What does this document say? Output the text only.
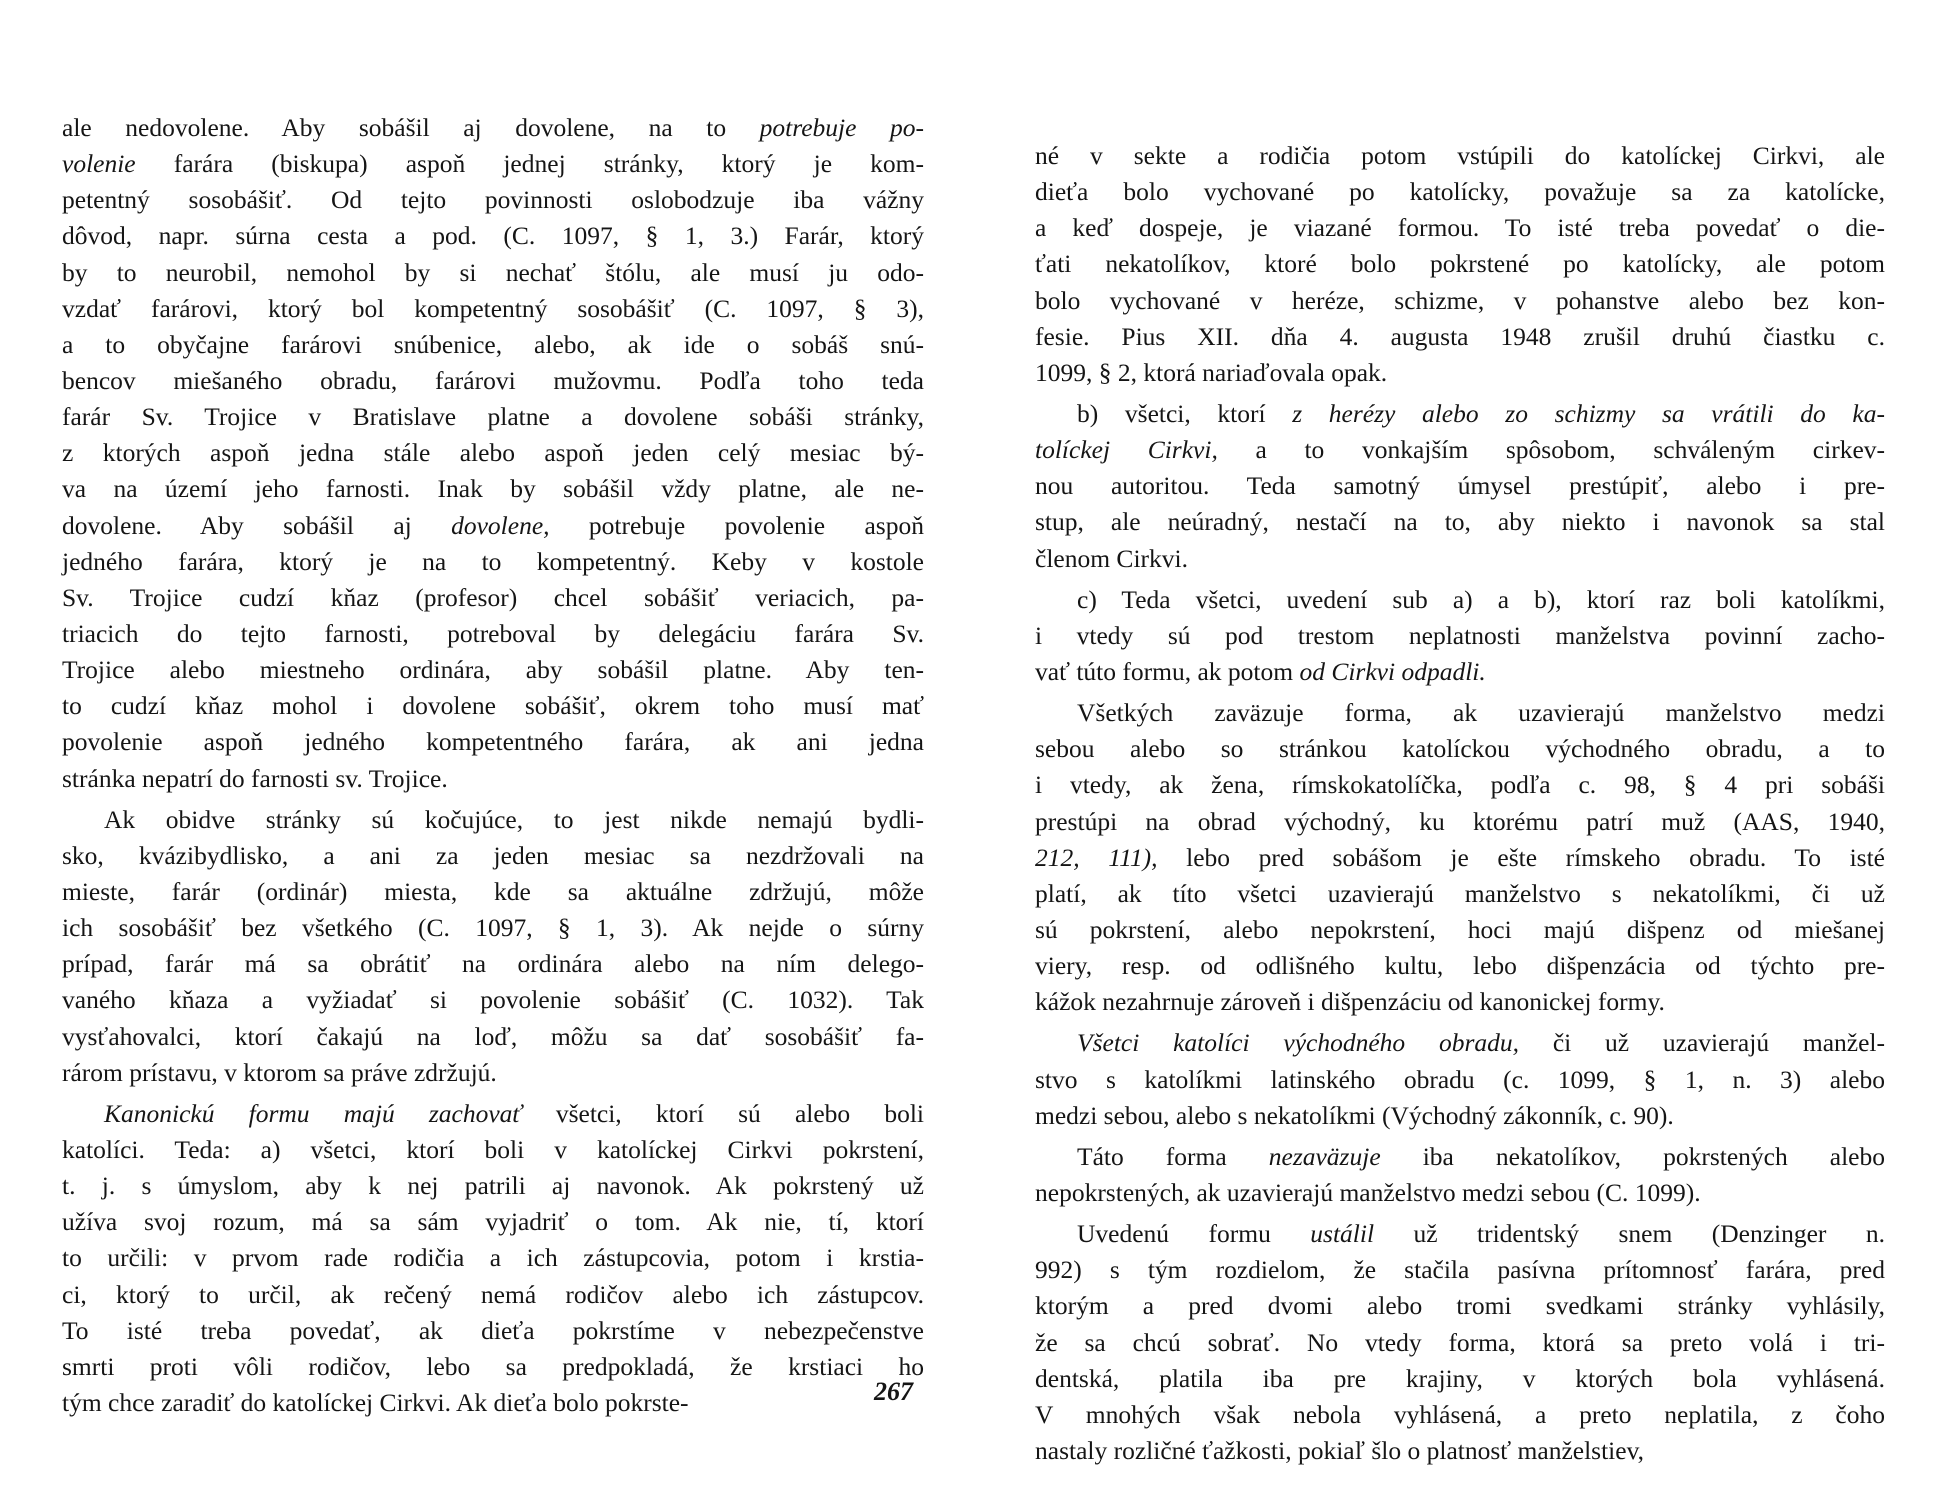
ale nedovolene. Aby sobášil aj dovolene, na to potrebuje po-
volenie farára (biskupa) aspoň jednej stránky, ktorý je kom-
petentný sosobášiť. Od tejto povinnosti oslobodzuje iba vážny
dôvod, napr. súrna cesta a pod. (C. 1097, § 1, 3.) Farár, ktorý
by to neurobil, nemohol by si nechať štólu, ale musí ju odo-
vzdať farárovi, ktorý bol kompetentný sosobášiť (C. 1097, § 3),
a to obyčajne farárovi snúbenice, alebo, ak ide o sobáš snú-
bencov miešaného obradu, farárovi mužovmu. Podľa toho teda
farár Sv. Trojice v Bratislave platne a dovolene sobáši stránky,
z ktorých aspoň jedna stále alebo aspoň jeden celý mesiac bý-
va na území jeho farnosti. Inak by sobášil vždy platne, ale ne-
dovolene. Aby sobášil aj dovolene, potrebuje povolenie aspoň
jedného farára, ktorý je na to kompetentný. Keby v kostole
Sv. Trojice cudzí kňaz (profesor) chcel sobášiť veriacich, pa-
triacich do tejto farnosti, potreboval by delegáciu farára Sv.
Trojice alebo miestneho ordinára, aby sobášil platne. Aby ten-
to cudzí kňaz mohol i dovolene sobášiť, okrem toho musí mať
povolenie aspoň jedného kompetentného farára, ak ani jedna
stránka nepatrí do farnosti sv. Trojice.
Ak obidve stránky sú kočujúce, to jest nikde nemajú bydli-
sko, kvázibydlisko, a ani za jeden mesiac sa nezdržovali na
mieste, farár (ordinár) miesta, kde sa aktuálne zdržujú, môže
ich sosobášiť bez všetkého (C. 1097, § 1, 3). Ak nejde o súrny
prípad, farár má sa obrátiť na ordinára alebo na ním delego-
vaného kňaza a vyžiadať si povolenie sobášiť (C. 1032). Tak
vysťahovalci, ktorí čakajú na loď, môžu sa dať sosobášiť fa-
rárom prístavu, v ktorom sa práve zdržujú.
Kanonickú formu majú zachovať všetci, ktorí sú alebo boli
katolíci. Teda: a) všetci, ktorí boli v katolíckej Cirkvi pokrstení,
t. j. s úmyslom, aby k nej patrili aj navonok. Ak pokrstený už
užíva svoj rozum, má sa sám vyjadriť o tom. Ak nie, tí, ktorí
to určili: v prvom rade rodičia a ich zástupcovia, potom i krstia-
ci, ktorý to určil, ak rečený nemá rodičov alebo ich zástupcov.
To isté treba povedať, ak dieťa pokrstíme v nebezpečenstve
smrti proti vôli rodičov, lebo sa predpokladá, že krstiaci ho
tým chce zaradiť do katolíckej Cirkvi. Ak dieťa bolo pokrste-
né v sekte a rodičia potom vstúpili do katolíckej Cirkvi, ale
dieťa bolo vychované po katolícky, považuje sa za katolícke,
a keď dospeje, je viazané formou. To isté treba povedať o die-
ťati nekatolíkov, ktoré bolo pokrstené po katolícky, ale potom
bolo vychované v heréze, schizme, v pohanstve alebo bez kon-
fesie. Pius XII. dňa 4. augusta 1948 zrušil druhú čiastku c.
1099, § 2, ktorá nariaďovala opak.
b) všetci, ktorí z herézy alebo zo schizmy sa vrátili do ka-
tolíckej Cirkvi, a to vonkajším spôsobom, schváleným cirkev-
nou autoritou. Teda samotný úmysel prestúpiť, alebo i pre-
stup, ale neúradný, nestačí na to, aby niekto i navonok sa stal
členom Cirkvi.
c) Teda všetci, uvedení sub a) a b), ktorí raz boli katolíkmi,
i vtedy sú pod trestom neplatnosti manželstva povinní zacho-
vať túto formu, ak potom od Cirkvi odpadli.
Všetkých zaväzuje forma, ak uzavierajú manželstvo medzi
sebou alebo so stránkou katolíckou východného obradu, a to
i vtedy, ak žena, rímskokatolíčka, podľa c. 98, § 4 pri sobáši
prestúpi na obrad východný, ku ktorému patrí muž (AAS, 1940,
212, 111), lebo pred sobášom je ešte rímskeho obradu. To isté
platí, ak títo všetci uzavierajú manželstvo s nekatolíkmi, či už
sú pokrstení, alebo nepokrstení, hoci majú dišpenz od miešanej
viery, resp. od odlišného kultu, lebo dišpenzácia od týchto pre-
kážok nezahrnuje zároveň i dišpenzáciu od kanonickej formy.
Všetci katolíci východného obradu, či už uzavierajú manžel-
stvo s katolíkmi latinského obradu (c. 1099, § 1, n. 3) alebo
medzi sebou, alebo s nekatolíkmi (Východný zákonník, c. 90).
Táto forma nezaväzuje iba nekatolíkov, pokrstených alebo
nepokrstených, ak uzavierajú manželstvo medzi sebou (C. 1099).
Uvedenú formu ustálil už tridentský snem (Denzinger n.
992) s tým rozdielom, že stačila pasívna prítomnosť farára, pred
ktorým a pred dvomi alebo tromi svedkami stránky vyhlásily,
že sa chcú sobrať. No vtedy forma, ktorá sa preto volá i tri-
dentská, platila iba pre krajiny, v ktorých bola vyhlásená.
V mnohých však nebola vyhlásená, a preto neplatila, z čoho
nastaly rozličné ťažkosti, pokiaľ šlo o platnosť manželstiev,
267
